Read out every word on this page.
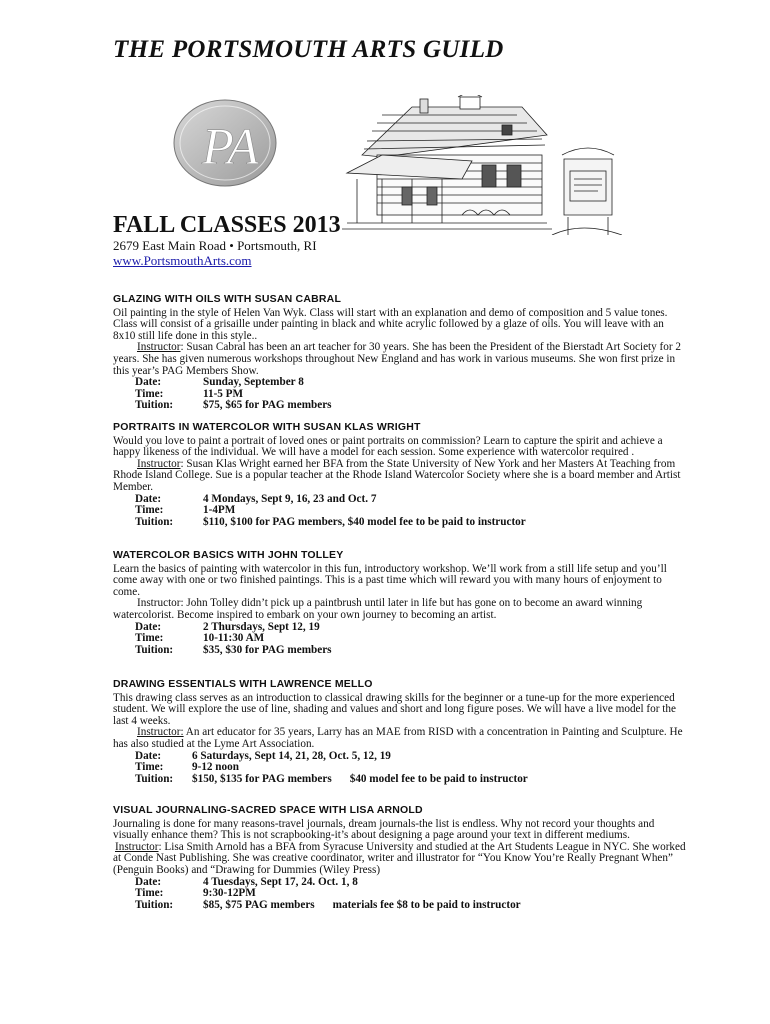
THE PORTSMOUTH ARTS GUILD
PA
FALL CLASSES 2013
2679 East Main Road • Portsmouth, RI
www.PortsmouthArts.com
GLAZING WITH OILS WITH SUSAN CABRAL

Oil painting in the style of Helen Van Wyk. Class will start with an explanation and demo of composition and 5 value tones. Class will consist of a grisaille under painting in black and white acrylic followed by a glaze of oils. You will leave with an 8x10 still life done in this style..

Instructor: Susan Cabral has been an art teacher for 30 years. She has been the President of the Bierstadt Art Society for 2 years. She has given numerous workshops throughout New England and has work in various museums. She won first prize in this year’s PAG Members Show.

Date:	Sunday, September 8
Time:	11-5 PM
Tuition:	$75, $65 for PAG members
PORTRAITS IN WATERCOLOR WITH SUSAN KLAS WRIGHT

Would you love to paint a portrait of loved ones or paint portraits on commission? Learn to capture the spirit and achieve a happy likeness of the individual. We will have a model for each session. Some experience with watercolor required .

Instructor: Susan Klas Wright earned her BFA from the State University of New York and her Masters At Teaching from Rhode Island College. Sue is a popular teacher at the Rhode Island Watercolor Society where she is a board member and Artist Member.

Date:	4 Mondays, Sept 9, 16, 23 and Oct. 7
Time:	1-4PM
Tuition:	$110, $100 for PAG members, $40 model fee to be paid to instructor
WATERCOLOR BASICS WITH JOHN TOLLEY

Learn the basics of painting with watercolor in this fun, introductory workshop. We’ll work from a still life setup and you’ll come away with one or two finished paintings. This is a past time which will reward you with many hours of enjoyment to come.

Instructor: John Tolley didn’t pick up a paintbrush until later in life but has gone on to become an award winning watercolorist. Become inspired to embark on your own journey to becoming an artist.

Date:	2 Thursdays, Sept 12, 19
Time:	10-11:30 AM
Tuition:	$35, $30 for PAG members
DRAWING ESSENTIALS WITH LAWRENCE MELLO

This drawing class serves as an introduction to classical drawing skills for the beginner or a tune-up for the more experienced student. We will explore the use of line, shading and values and short and long figure poses. We will have a live model for the last 4 weeks.

Instructor: An art educator for 35 years, Larry has an MAE from RISD with a concentration in Painting and Sculpture. He has also studied at the Lyme Art Association.

Date:	6 Saturdays, Sept 14, 21, 28, Oct. 5, 12, 19
Time:	9-12 noon
Tuition:	$150, $135 for PAG members $40 model fee to be paid to instructor
VISUAL JOURNALING-SACRED SPACE WITH LISA ARNOLD

Journaling is done for many reasons-travel journals, dream journals-the list is endless. Why not record your thoughts and visually enhance them? This is not scrapbooking-it’s about designing a page around your text in different mediums.

Instructor: Lisa Smith Arnold has a BFA from Syracuse University and studied at the Art Students League in NYC. She worked at Conde Nast Publishing. She was creative coordinator, writer and illustrator for “You Know You’re Really Pregnant When” (Penguin Books) and “Drawing for Dummies (Wiley Press)

Date:	4 Tuesdays, Sept 17, 24. Oct. 1, 8
Time:	9:30-12PM
Tuition:	$85, $75 PAG members materials fee $8 to be paid to instructor
